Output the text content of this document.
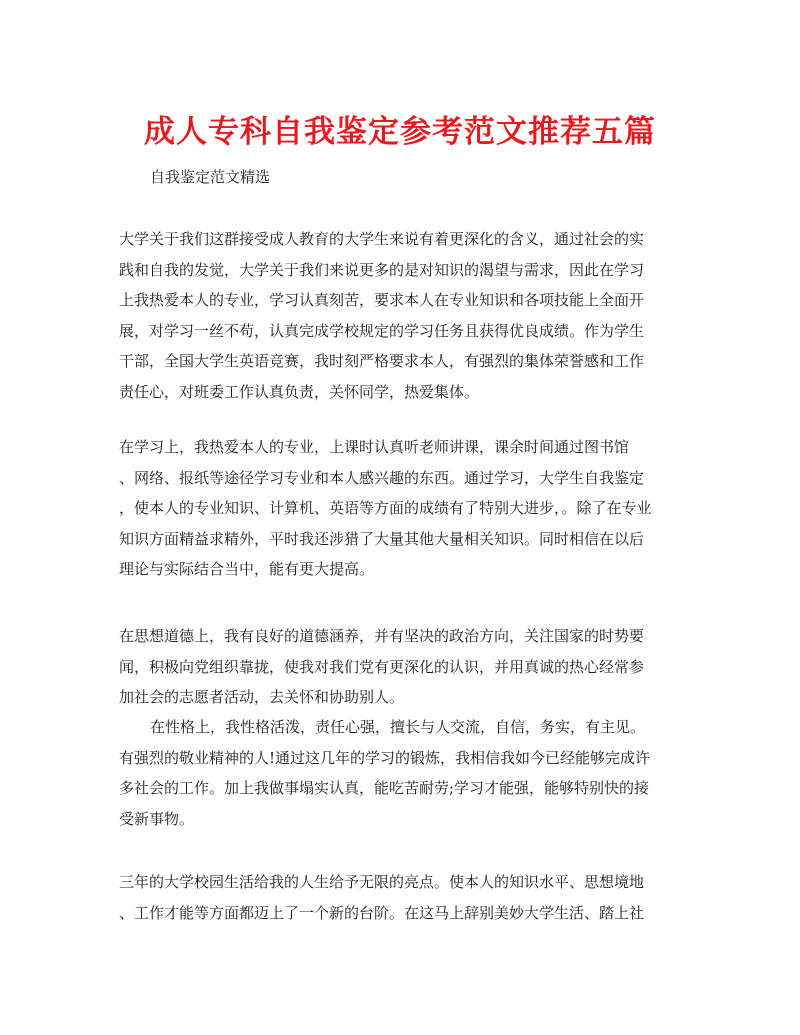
成人专科自我鉴定参考范文推荐五篇

自我鉴定范文精选

大学关于我们这群接受成人教育的大学生来说有着更深化的含义，通过社会的实
践和自我的发觉，大学关于我们来说更多的是对知识的渴望与需求，因此在学习
上我热爱本人的专业，学习认真刻苦，要求本人在专业知识和各项技能上全面开
展，对学习一丝不苟，认真完成学校规定的学习任务且获得优良成绩。作为学生
干部，全国大学生英语竞赛，我时刻严格要求本人，有强烈的集体荣誉感和工作
责任心，对班委工作认真负责，关怀同学，热爱集体。

在学习上，我热爱本人的专业，上课时认真听老师讲课，课余时间通过图书馆
、网络、报纸等途径学习专业和本人感兴趣的东西。通过学习，大学生自我鉴定
，使本人的专业知识、计算机、英语等方面的成绩有了特别大进步，。除了在专业
知识方面精益求精外，平时我还涉猎了大量其他大量相关知识。同时相信在以后
理论与实际结合当中，能有更大提高。

在思想道德上，我有良好的道德涵养，并有坚决的政治方向，关注国家的时势要
闻，积极向党组织靠拢，使我对我们党有更深化的认识，并用真诚的热心经常参
加社会的志愿者活动，去关怀和协助别人。

在性格上，我性格活泼，责任心强，擅长与人交流，自信，务实，有主见。
有强烈的敬业精神的人!通过这几年的学习的锻炼，我相信我如今已经能够完成许
多社会的工作。加上我做事塌实认真，能吃苦耐劳;学习才能强，能够特别快的接
受新事物。

三年的大学校园生活给我的人生给予无限的亮点。使本人的知识水平、思想境地
、工作才能等方面都迈上了一个新的台阶。在这马上辞别美妙大学生活、踏上社
